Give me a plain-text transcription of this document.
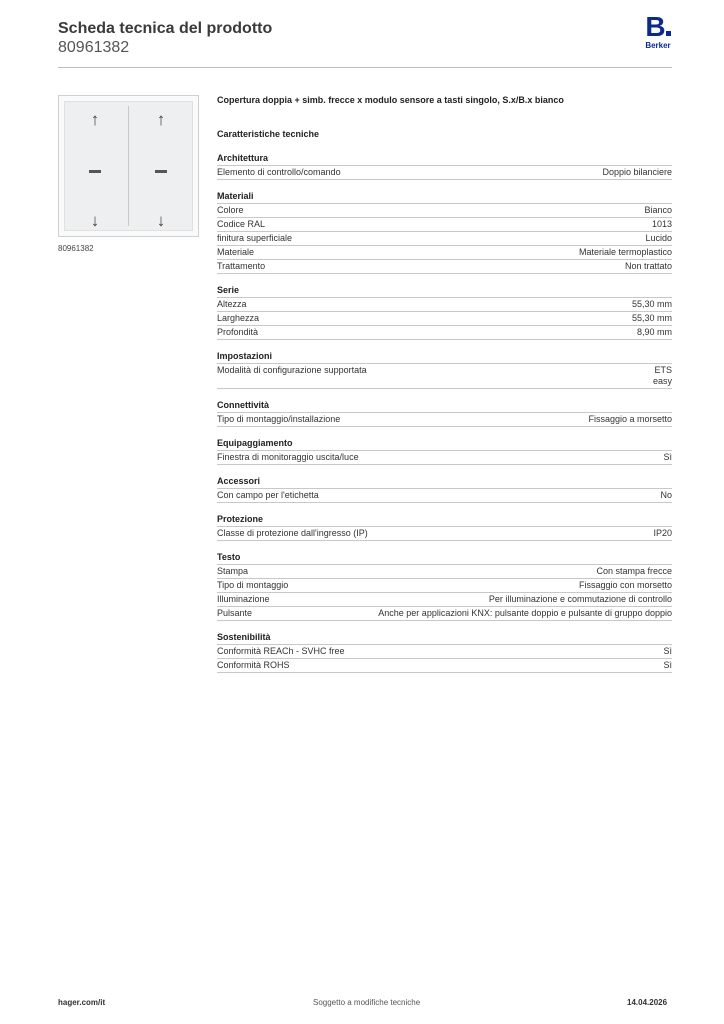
Scheda tecnica del prodotto
80961382
B
Berker
↑	↑
↓	↓
80961382
Copertura doppia + simb. frecce x modulo sensore a tasti singolo, S.x/B.x bianco
Caratteristiche tecniche
Architettura
Elemento di controllo/comando	Doppio bilanciere
Materiali
Colore	Bianco
Codice RAL	1013
finitura superficiale	Lucido
Materiale	Materiale termoplastico
Trattamento	Non trattato
Serie
Altezza	55,30 mm
Larghezza	55,30 mm
Profondità	8,90 mm
Impostazioni
Modalità di configurazione supportata	ETS
easy
Connettività
Tipo di montaggio/installazione	Fissaggio a morsetto
Equipaggiamento
Finestra di monitoraggio uscita/luce	Sì
Accessori
Con campo per l'etichetta	No
Protezione
Classe di protezione dall'ingresso (IP)	IP20
Testo
Stampa	Con stampa frecce
Tipo di montaggio	Fissaggio con morsetto
Illuminazione	Per illuminazione e commutazione di controllo
Pulsante	Anche per applicazioni KNX: pulsante doppio e pulsante di gruppo doppio
Sostenibilità
Conformità REACh - SVHC free	Sì
Conformità ROHS	Sì
hager.com/it	Soggetto a modifiche tecniche	14.04.2026
